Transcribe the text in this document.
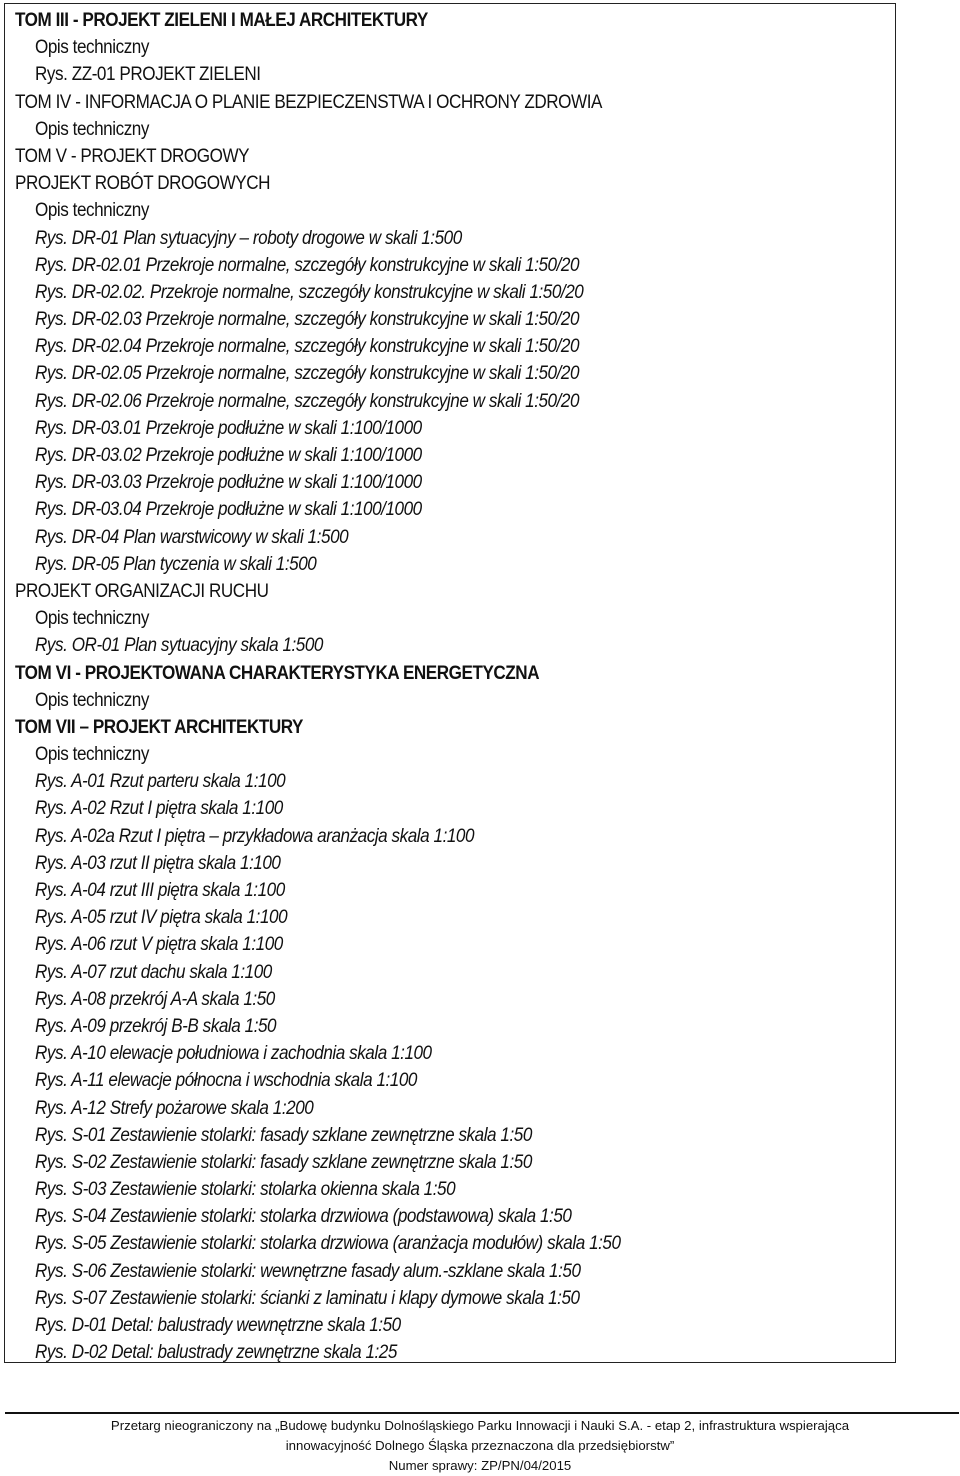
TOM III - PROJEKT ZIELENI I MAŁEJ ARCHITEKTURY
Opis techniczny
Rys. ZZ-01 PROJEKT ZIELENI
TOM IV - INFORMACJA O PLANIE BEZPIECZENSTWA I OCHRONY ZDROWIA
Opis techniczny
TOM V - PROJEKT DROGOWY
PROJEKT ROBÓT DROGOWYCH
Opis techniczny
Rys. DR-01 Plan sytuacyjny – roboty drogowe w skali 1:500
Rys. DR-02.01 Przekroje normalne, szczegóły konstrukcyjne w skali 1:50/20
Rys. DR-02.02. Przekroje normalne, szczegóły konstrukcyjne w skali 1:50/20
Rys. DR-02.03 Przekroje normalne, szczegóły konstrukcyjne w skali 1:50/20
Rys. DR-02.04 Przekroje normalne, szczegóły konstrukcyjne w skali 1:50/20
Rys. DR-02.05 Przekroje normalne, szczegóły konstrukcyjne w skali 1:50/20
Rys. DR-02.06 Przekroje normalne, szczegóły konstrukcyjne w skali 1:50/20
Rys. DR-03.01 Przekroje podłużne w skali 1:100/1000
Rys. DR-03.02 Przekroje podłużne w skali 1:100/1000
Rys. DR-03.03 Przekroje podłużne w skali 1:100/1000
Rys. DR-03.04 Przekroje podłużne w skali 1:100/1000
Rys. DR-04 Plan warstwicowy w skali 1:500
Rys. DR-05 Plan tyczenia w skali 1:500
PROJEKT ORGANIZACJI RUCHU
Opis techniczny
Rys. OR-01 Plan sytuacyjny skala 1:500
TOM VI - PROJEKTOWANA CHARAKTERYSTYKA ENERGETYCZNA
Opis techniczny
TOM VII – PROJEKT ARCHITEKTURY
Opis techniczny
Rys. A-01 Rzut parteru skala 1:100
Rys. A-02 Rzut I piętra skala 1:100
Rys. A-02a Rzut I piętra – przykładowa aranżacja skala 1:100
Rys. A-03 rzut II piętra skala 1:100
Rys. A-04 rzut III piętra skala 1:100
Rys. A-05 rzut IV piętra skala 1:100
Rys. A-06 rzut V piętra skala 1:100
Rys. A-07 rzut dachu skala 1:100
Rys. A-08 przekrój A-A skala 1:50
Rys. A-09 przekrój B-B skala 1:50
Rys. A-10 elewacje południowa i zachodnia skala 1:100
Rys. A-11 elewacje północna i wschodnia skala 1:100
Rys. A-12 Strefy pożarowe skala 1:200
Rys. S-01 Zestawienie stolarki: fasady szklane zewnętrzne skala 1:50
Rys. S-02 Zestawienie stolarki: fasady szklane zewnętrzne skala 1:50
Rys. S-03 Zestawienie stolarki: stolarka okienna skala 1:50
Rys. S-04 Zestawienie stolarki: stolarka drzwiowa (podstawowa) skala 1:50
Rys. S-05 Zestawienie stolarki: stolarka drzwiowa (aranżacja modułów) skala 1:50
Rys. S-06 Zestawienie stolarki: wewnętrzne fasady alum.-szklane skala 1:50
Rys. S-07 Zestawienie stolarki: ścianki z laminatu i klapy dymowe skala 1:50
Rys. D-01 Detal: balustrady wewnętrzne skala 1:50
Rys. D-02 Detal: balustrady zewnętrzne skala 1:25
Przetarg nieograniczony na „Budowę budynku Dolnośląskiego Parku Innowacji i Nauki S.A. - etap 2, infrastruktura wspierająca
innowacyjność Dolnego Śląska przeznaczona dla przedsiębiorstw”
Numer sprawy: ZP/PN/04/2015
